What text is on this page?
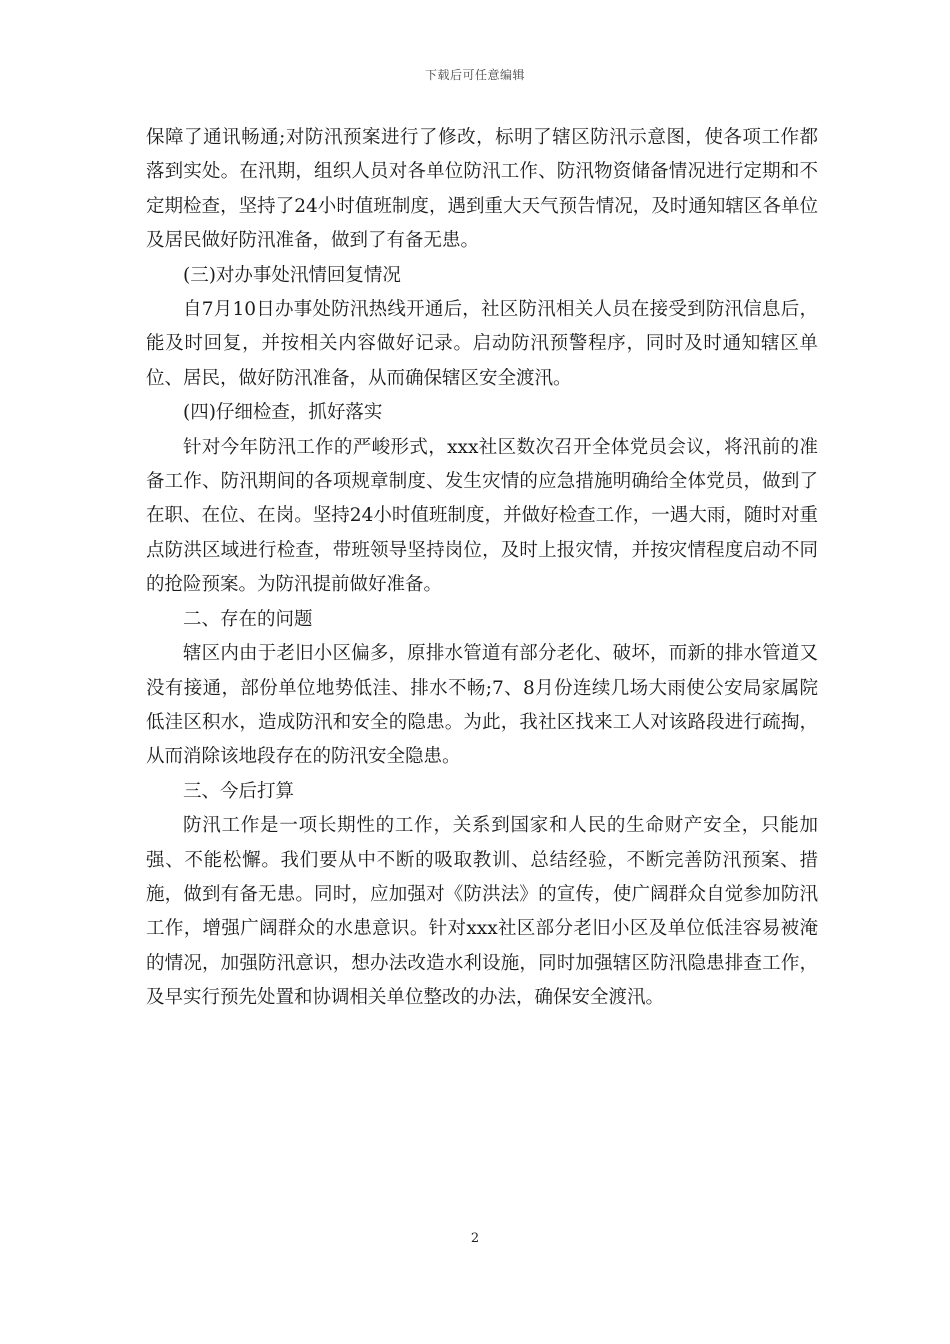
下载后可任意编辑

保障了通讯畅通;对防汛预案进行了修改，标明了辖区防汛示意图，使各项工作都落到实处。在汛期，组织人员对各单位防汛工作、防汛物资储备情况进行定期和不定期检查，坚持了24小时值班制度，遇到重大天气预告情况，及时通知辖区各单位及居民做好防汛准备，做到了有备无患。

(三)对办事处汛情回复情况

自7月10日办事处防汛热线开通后，社区防汛相关人员在接受到防汛信息后，能及时回复，并按相关内容做好记录。启动防汛预警程序，同时及时通知辖区单位、居民，做好防汛准备，从而确保辖区安全渡汛。

(四)仔细检查，抓好落实

针对今年防汛工作的严峻形式，xxx社区数次召开全体党员会议，将汛前的准备工作、防汛期间的各项规章制度、发生灾情的应急措施明确给全体党员，做到了在职、在位、在岗。坚持24小时值班制度，并做好检查工作，一遇大雨，随时对重点防洪区域进行检查，带班领导坚持岗位，及时上报灾情，并按灾情程度启动不同的抢险预案。为防汛提前做好准备。

二、存在的问题

辖区内由于老旧小区偏多，原排水管道有部分老化、破坏，而新的排水管道又没有接通，部份单位地势低洼、排水不畅;7、8月份连续几场大雨使公安局家属院低洼区积水，造成防汛和安全的隐患。为此，我社区找来工人对该路段进行疏掏，从而消除该地段存在的防汛安全隐患。

三、今后打算

防汛工作是一项长期性的工作，关系到国家和人民的生命财产安全，只能加强、不能松懈。我们要从中不断的吸取教训、总结经验，不断完善防汛预案、措施，做到有备无患。同时，应加强对《防洪法》的宣传，使广阔群众自觉参加防汛工作，增强广阔群众的水患意识。针对xxx社区部分老旧小区及单位低洼容易被淹的情况，加强防汛意识，想办法改造水利设施，同时加强辖区防汛隐患排查工作，及早实行预先处置和协调相关单位整改的办法，确保安全渡汛。

2
